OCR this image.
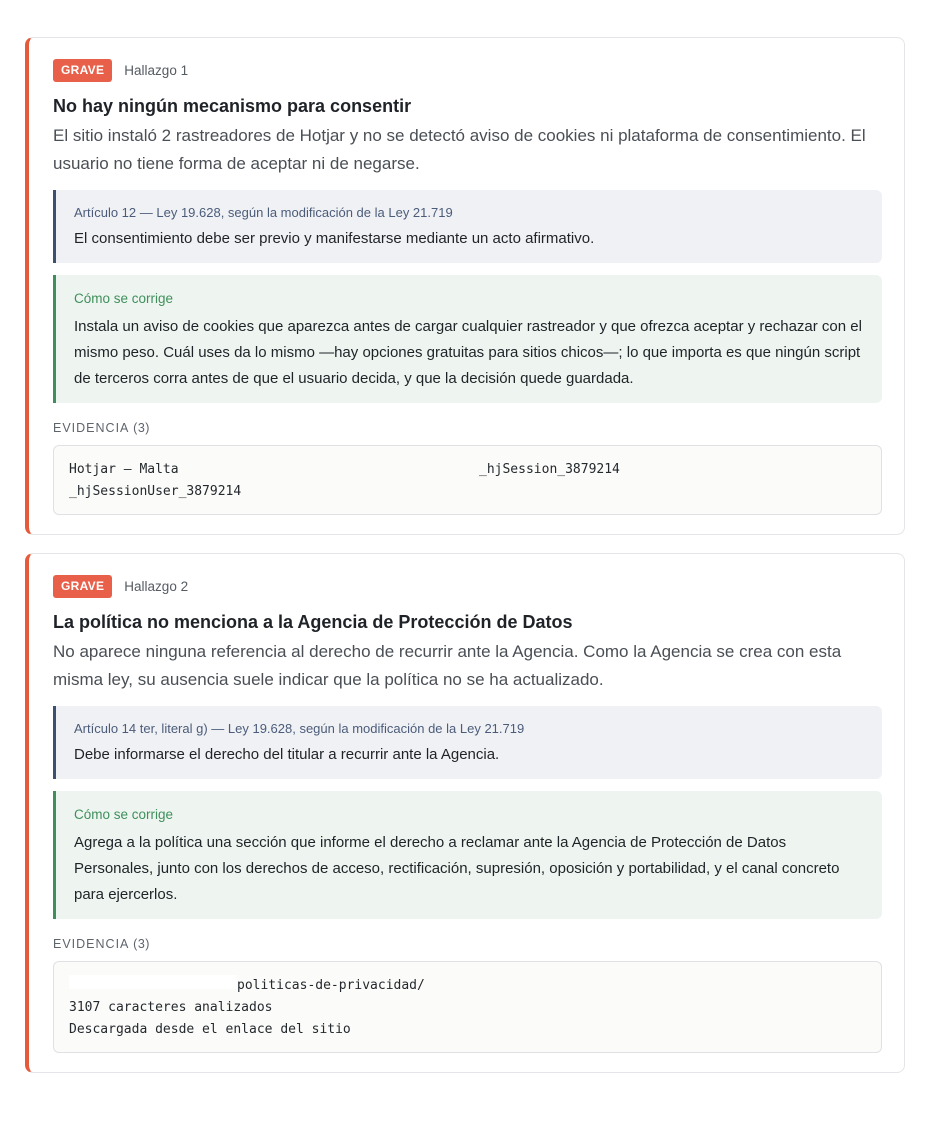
GRAVE	Hallazgo 1
No hay ningún mecanismo para consentir
El sitio instaló 2 rastreadores de Hotjar y no se detectó aviso de cookies ni plataforma de consentimiento. El usuario no tiene forma de aceptar ni de negarse.
Artículo 12 — Ley 19.628, según la modificación de la Ley 21.719
El consentimiento debe ser previo y manifestarse mediante un acto afirmativo.
Cómo se corrige
Instala un aviso de cookies que aparezca antes de cargar cualquier rastreador y que ofrezca aceptar y rechazar con el mismo peso. Cuál uses da lo mismo —hay opciones gratuitas para sitios chicos—; lo que importa es que ningún script de terceros corra antes de que el usuario decida, y que la decisión quede guardada.
EVIDENCIA (3)
Hotjar — Malta	_hjSession_3879214
_hjSessionUser_3879214
GRAVE	Hallazgo 2
La política no menciona a la Agencia de Protección de Datos
No aparece ninguna referencia al derecho de recurrir ante la Agencia. Como la Agencia se crea con esta misma ley, su ausencia suele indicar que la política no se ha actualizado.
Artículo 14 ter, literal g) — Ley 19.628, según la modificación de la Ley 21.719
Debe informarse el derecho del titular a recurrir ante la Agencia.
Cómo se corrige
Agrega a la política una sección que informe el derecho a reclamar ante la Agencia de Protección de Datos Personales, junto con los derechos de acceso, rectificación, supresión, oposición y portabilidad, y el canal concreto para ejercerlos.
EVIDENCIA (3)
politicas-de-privacidad/
3107 caracteres analizados
Descargada desde el enlace del sitio
